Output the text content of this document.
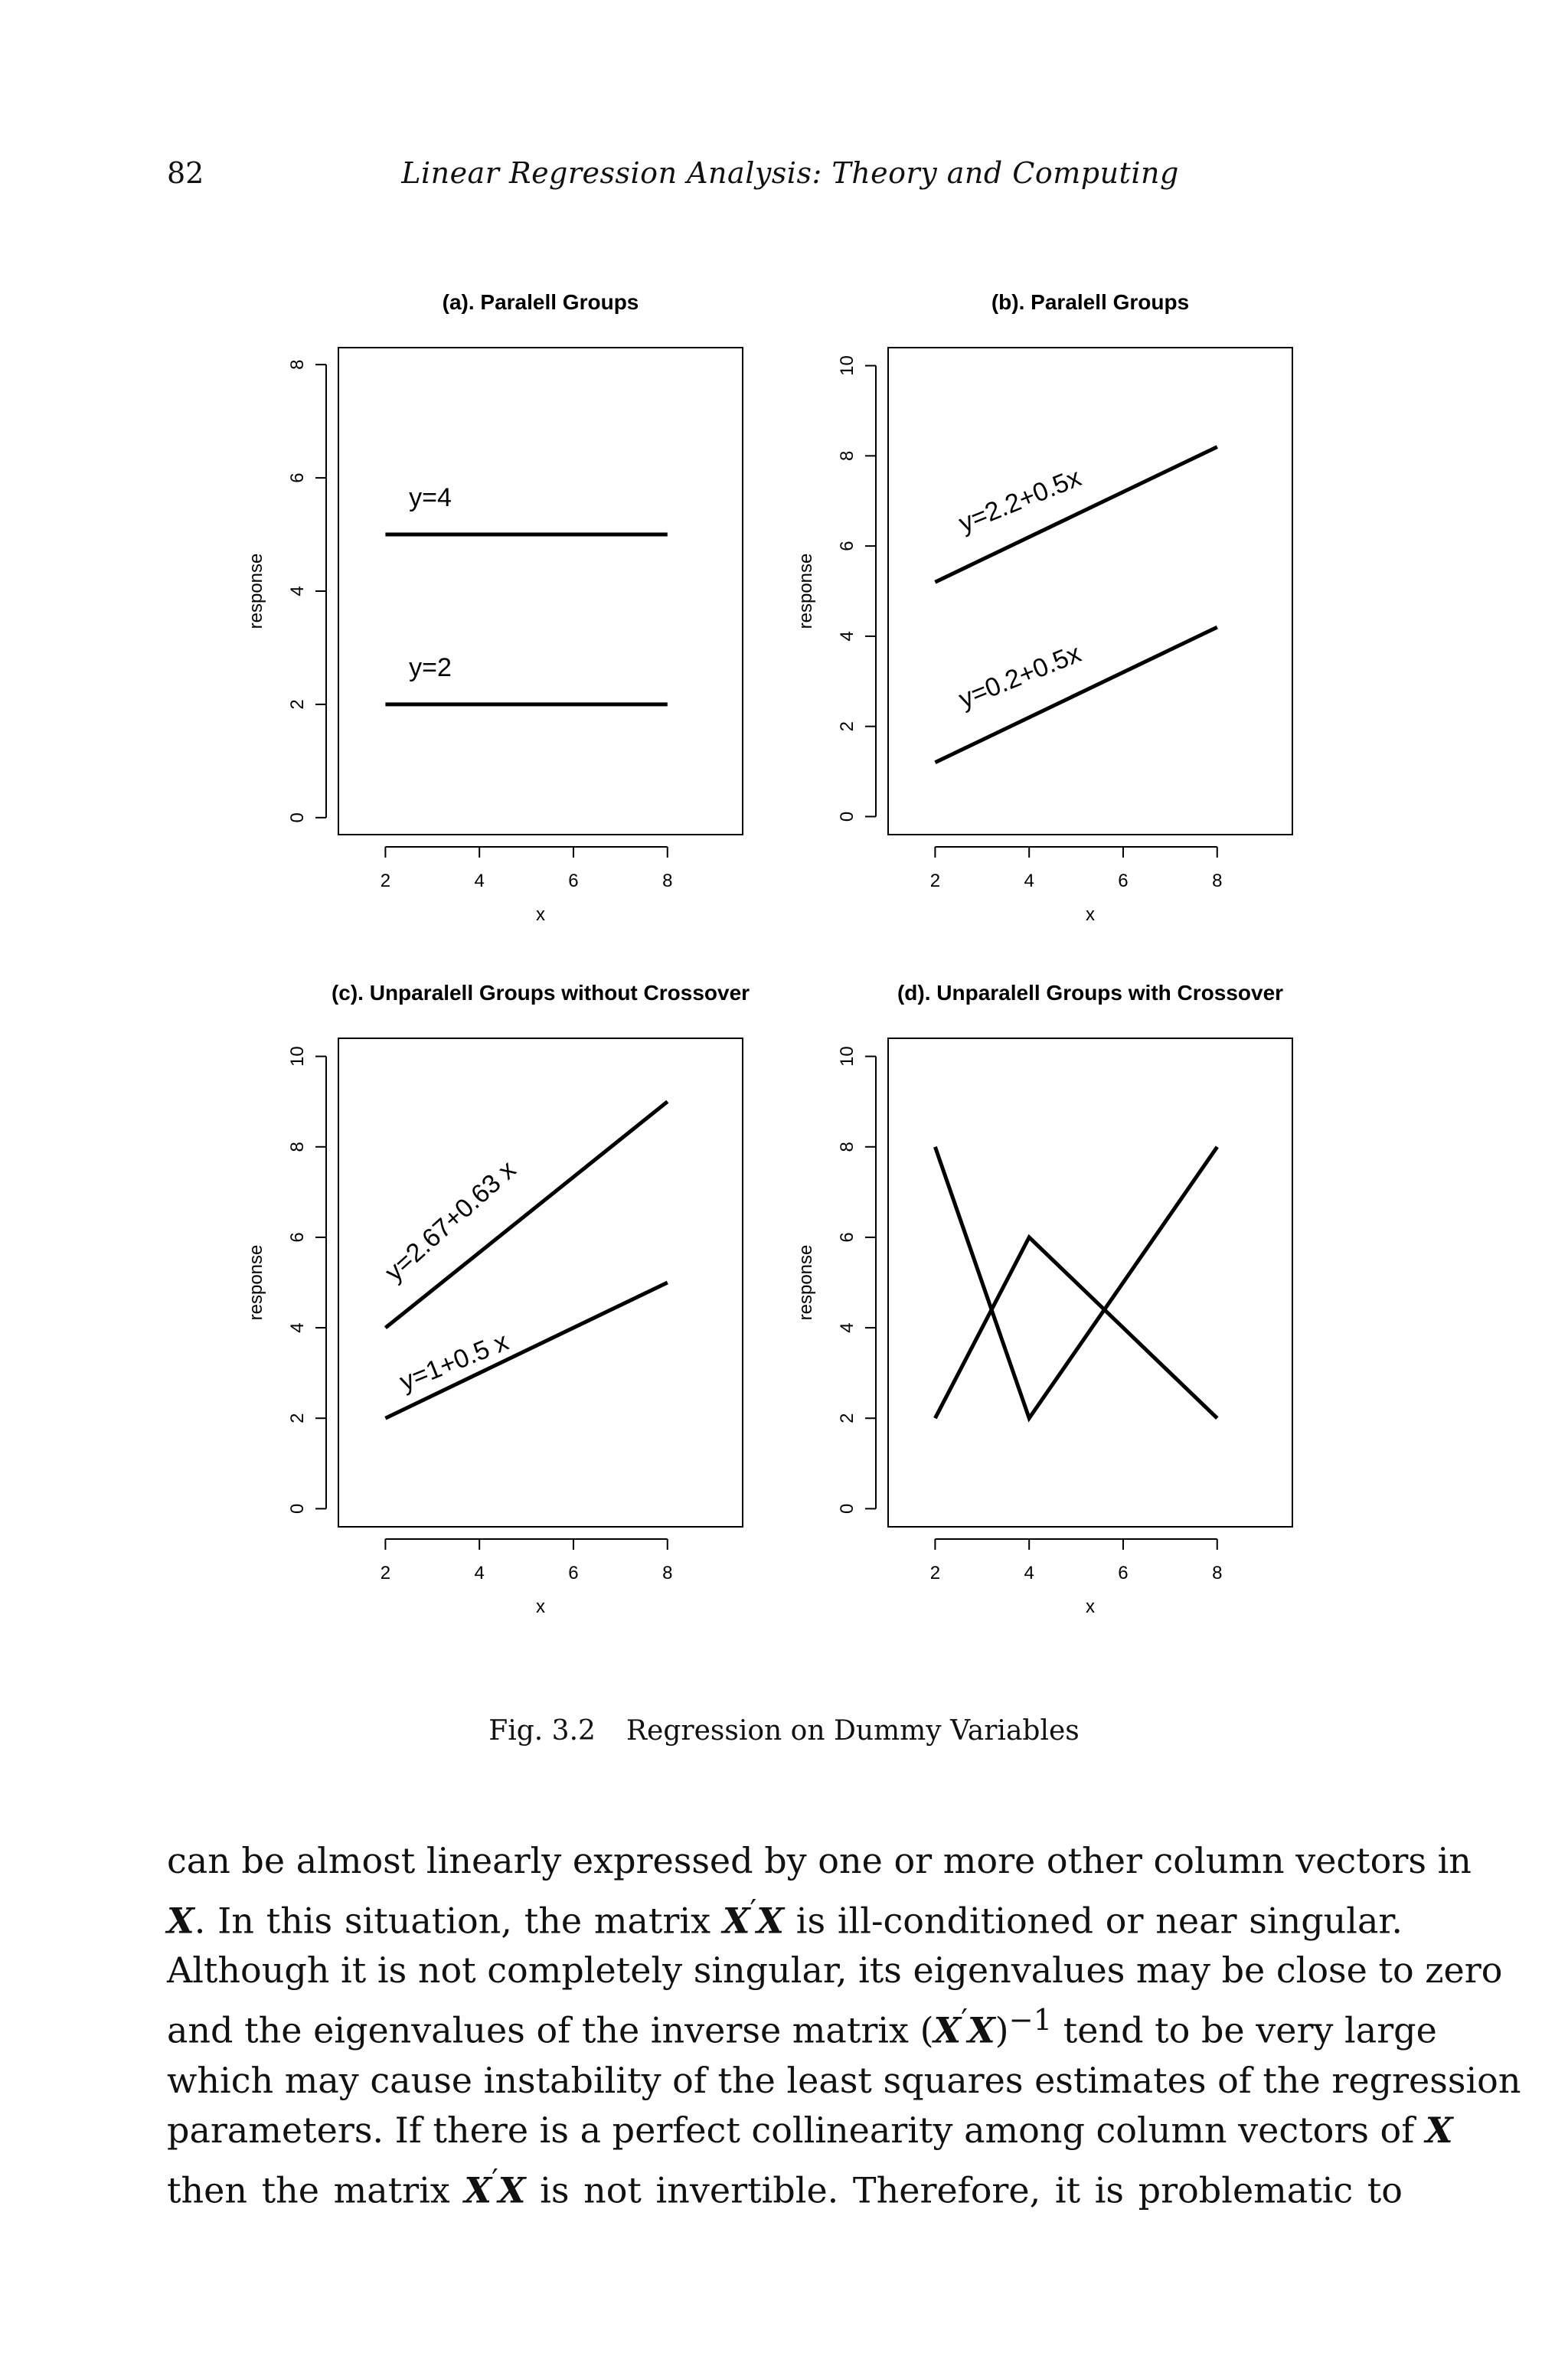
82	Linear Regression Analysis: Theory and Computing
(a). Paralell Groups
2	4	6	8
x
0
2
4
6
8
response
y=4
y=2
(b). Paralell Groups
2	4	6	8
x
0
2
4
6
8
10
response
y=2.2+0.5x
y=0.2+0.5x
(c). Unparalell Groups without Crossover
2	4	6	8
x
0
2
4
6
8
10
response	y=2.67+0.63 x
y=1+0.5 x
(d). Unparalell Groups with Crossover
2	4	6	8
x
0
2
4
6
8
10
response
Fig. 3.2 Regression on Dummy Variables
can be almost linearly expressed by one or more other column vectors in
X. In this situation, the matrix X′X is ill-conditioned or near singular.
Although it is not completely singular, its eigenvalues may be close to zero
and the eigenvalues of the inverse matrix $(X'X)^{-1}$ tend to be very large
which may cause instability of the least squares estimates of the regression
parameters. If there is a perfect collinearity among column vectors of X
then the matrix X′X is not invertible. Therefore, it is problematic to
